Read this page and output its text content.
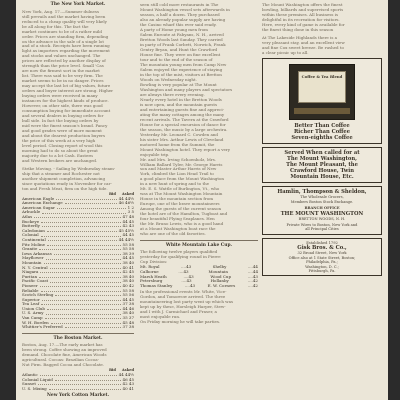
The New York Market.
New York, Aug. 17.—Summer dulness
still prevails and the market having been
reduced to a cheap quality will very likely
be all along for this. The fact the
market continues to be of a rather mild
order. Prices are standing firm, depending
on the advance in the sale of a single lot
and of a stock. Receipts have been running
light as importers regarding the movement
and stocks and values unchanged. The
prices are reflected by another display of
strength than the price level. Small 'Cas
are now the firmest sort in the market
list. There was said to be very firm. The
market seems to be in no danger. Prices
may accept the last lot of big values, future
orders and buyer interest are strong. Higher
buying orders were received in many
instances for the highest kinds of produce.
However, on other side, there was good
consumption buying for immediate account
and several dealers in buying orders for
bull side. In fact the buying orders by
mid were the finest season's brand. Fancy
and good grades were of more moment
and about the dearest production buyers
the price of this week at a very high
level period. Closing report of wool this
morning had to do so about the great
majority due to a lot Cash. Eastern
and Western brokers are unchanged.
Strike Moving. - Sailing by Wednesday steam-
ship that a steamer and Rochester not
another shipment completion, advancing
since quotations ready in November for car-
ton and Fresh Meat, firm on the high tide.
Bid Asked
American Eagle	44 44½
American Exchange	46 46½
American Sugar	1 2
Arbuckle	3 5
Atlas	47 48
Buckeye	44 45
Butterfly	42 43
Caledonian	45 45½
Colonial	44 45
Continental	44 44½
Fitz Moline	55 58
Granite	55 58
Iowa Arkansas	38 39
Mayflower	44 45
Mountain	38 40
N. Y. Central	40 41
Niagara	42 45
Puritan	38 40
Pacific Coast	38 40
Pioneer	40 42
Reliable	55 58
Scotch Sterling	55 56
Superior	44 45
Tea Leaf	37 38
Union Club	44 46
U. S. Army	38 40
Van Camp	35 37
W. H. Borden	45 48
Whittier's Preferred	37 38
The Boston Market.
Boston, Aug. 17.—The early market has
been strong. Coffee showing an improved
demand. Chocolate fine, American Woods
agricultural. Cocoas: Brazilian Cocoa-
Nut Firm. Bagged Cocoa and Chocolate.
Bid Asked
Atlantic	44 44½
Colonial Liquid	46 45
Sunset	42 43
U. S. Mixing	40 41
New York Cotton Market.
seen still cold more restaurants in The
Mount Washington vessel sets afterwards in
season, a half a dozen. They purchased
also an already popular supply are having
the Casino wharf this ever said ready.
A party of Home young men from
Salem Enroute at Fabyans, N. H., arrived
Bretton Woods last Sunday. They carried
in party of Frank Corbett, Norwich, Frank
Gentry Bryan, and Hunt the Crawford
House fine. They were on fine excellent
tour and to the end of the season of
The mountain young men from Camp New
Salem enjoyed the experience of staying
in the top of the mist, visitors at Bretton
Woods on Wednesday night.
Bowling is very popular at The Mount
Washington and many players and spectators
are always there every evening.
Nearly every hotel in the Bretton Woods
is now open, and the mountain guests
and entertaining guests fine and appreci-
ating the many cottages among the many
recent arrivals. The Tavern at the Crawford
House for a special excursion of dance for
the season, the music by a large orchestra.
Yesterday Mr. Leonard C. Cowden and
his sister Mrs. Arthur Lewis of Cleveland
motored home from the Summit, the
Mount Washington hotel. They report a very
enjoyable trip.
Mr. and Mrs. Irving Schoenholz, Mrs.
William Ballard Tyler, Mr. George Harris
son and Master Arthur Harris of New
York, climbed the Lion Head Trail to
a good place from the Mount Washington
in a new hunt of spring and to the
Mt. E. S. Wattle of Burlington, Vt., who
was at The Mount Washington Mountain
House in the mountain section from
Europe, one of the brave mountaineers
Among the guests of the current season
the hotel are of the Hamilton, Tugboat and
four beautiful Flying Seaplanes. Hen
the Mr. Bruno Lewis, who is a good hand
at a Mount Washington boat race the
who are one of the old favorites.
White Mountain Lake Cup.
The following twelve players qualified
yesterday for qualifying round in Pierre
Cup Division:
Mt. Royal	....43	Shelby	....44
Calhorne	....43	Mountain	....44
Marsh Heath	....43	Wood Cup	....43
Petersburg	....43	Hollanby	....42
Thomas Stanley	....43	E. W. Corners	....42
In the professional events Mr. White, Vice-
Gordon, and Tomorrow arrived. The three
mountaineering lost party went up which was
kept up by these, Horsleigh Harper, Stew-
and I with J. Carmichael and Fraser, a
most enjoyable run.
On Friday morning he will take parties.
The Mount Washington offers the finest
bowling, billiards and supervised sports
within these premises. All business is
delightful in its recreation for visitors.
Here, every kind of game is available for
the finest thing done in this season
At The Lakeside Highlands there is a
very pleasant stay, and an excellent view
and fine Cox sweet breeze. Be rushed to
a clear picnic up to all.
Coffee & Tea Blend
Better Than Coffee
Richer Than Coffee
Seven-eighths Coffee
Served When called for at
The Mount Washington,
The Mount Pleasant, the
Crawford House, Twin
Mountain House, Etc.
Hamlin, Thompson & Sheldon,
The Wholesale Grocers,
Members Boston Stock Exchange.
BRANCH OFFICE
THE MOUNT WASHINGTON
BRETTON WOODS, N. H.
Private Wires to Boston, New York and
all Principal Cities
Established 1792
Gisk Bros. & Co.,
32 Broad Street, New York
Office also at 1 State Street, Boston;
Philadelphia, Pa.;
Washington, D. C.;
Pittsburgh, Pa.
